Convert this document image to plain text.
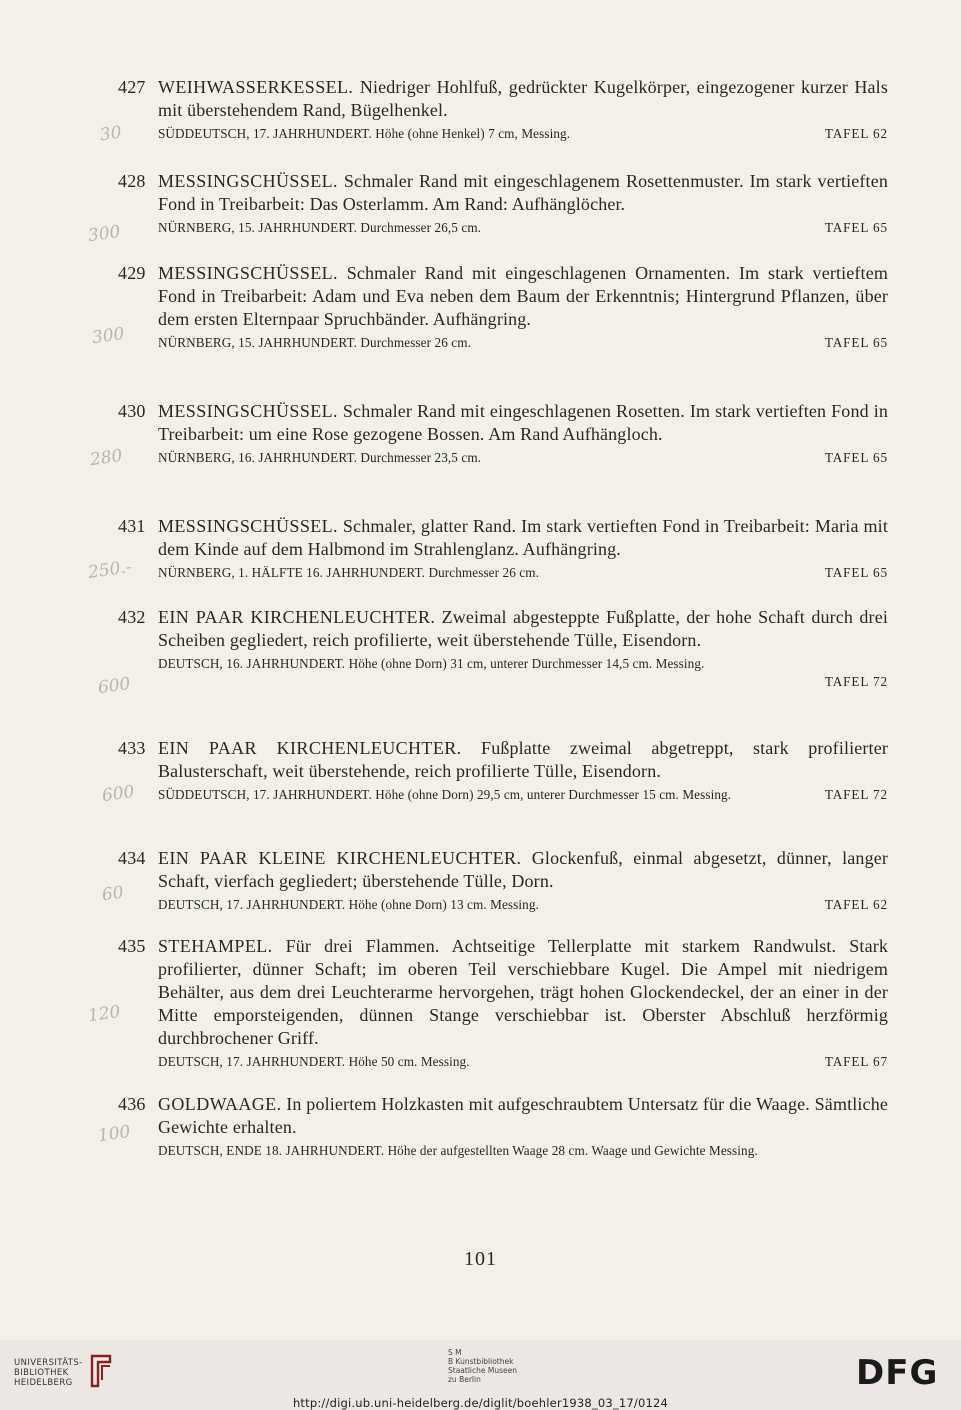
427 WEIHWASSERKESSEL. Niedriger Hohlfuß, gedrückter Kugelkörper, eingezogener kurzer Hals mit überstehendem Rand, Bügelhenkel.

SÜDDEUTSCH, 17. JAHRHUNDERT. Höhe (ohne Henkel) 7 cm, Messing.	TAFEL 62
30
428 MESSINGSCHÜSSEL. Schmaler Rand mit eingeschlagenem Rosettenmuster. Im stark vertieften Fond in Treibarbeit: Das Osterlamm. Am Rand: Aufhänglöcher.

NÜRNBERG, 15. JAHRHUNDERT. Durchmesser 26,5 cm.	TAFEL 65
300
429 MESSINGSCHÜSSEL. Schmaler Rand mit eingeschlagenen Ornamenten. Im stark vertieftem Fond in Treibarbeit: Adam und Eva neben dem Baum der Erkenntnis; Hintergrund Pflanzen, über dem ersten Elternpaar Spruchbänder. Aufhängring.

NÜRNBERG, 15. JAHRHUNDERT. Durchmesser 26 cm.	TAFEL 65
300
430 MESSINGSCHÜSSEL. Schmaler Rand mit eingeschlagenen Rosetten. Im stark vertieften Fond in Treibarbeit: um eine Rose gezogene Bossen. Am Rand Aufhängloch.

NÜRNBERG, 16. JAHRHUNDERT. Durchmesser 23,5 cm.	TAFEL 65
280
431 MESSINGSCHÜSSEL. Schmaler, glatter Rand. Im stark vertieften Fond in Treibarbeit: Maria mit dem Kinde auf dem Halbmond im Strahlenglanz. Aufhängring.

NÜRNBERG, 1. HÄLFTE 16. JAHRHUNDERT. Durchmesser 26 cm.	TAFEL 65
250.-
432 EIN PAAR KIRCHENLEUCHTER. Zweimal abgesteppte Fußplatte, der hohe Schaft durch drei Scheiben gegliedert, reich profilierte, weit überstehende Tülle, Eisendorn.

DEUTSCH, 16. JAHRHUNDERT. Höhe (ohne Dorn) 31 cm, unterer Durchmesser 14,5 cm. Messing.

TAFEL 72
600
433 EIN PAAR KIRCHENLEUCHTER. Fußplatte zweimal abgetreppt, stark profilierter Balusterschaft, weit überstehende, reich profilierte Tülle, Eisendorn.

SÜDDEUTSCH, 17. JAHRHUNDERT. Höhe (ohne Dorn) 29,5 cm, unterer Durchmesser 15 cm. Messing.	TAFEL 72
600
434 EIN PAAR KLEINE KIRCHENLEUCHTER. Glockenfuß, einmal abgesetzt, dünner, langer Schaft, vierfach gegliedert; überstehende Tülle, Dorn.

DEUTSCH, 17. JAHRHUNDERT. Höhe (ohne Dorn) 13 cm. Messing.	TAFEL 62
60
435 STEHAMPEL. Für drei Flammen. Achtseitige Tellerplatte mit starkem Randwulst. Stark profilierter, dünner Schaft; im oberen Teil verschiebbare Kugel. Die Ampel mit niedrigem Behälter, aus dem drei Leuchterarme hervorgehen, trägt hohen Glockendeckel, der an einer in der Mitte emporsteigenden, dünnen Stange verschiebbar ist. Oberster Abschluß herzförmig durchbrochener Griff.

DEUTSCH, 17. JAHRHUNDERT. Höhe 50 cm. Messing.	TAFEL 67
120
436 GOLDWAAGE. In poliertem Holzkasten mit aufgeschraubtem Untersatz für die Waage. Sämtliche Gewichte erhalten.

DEUTSCH, ENDE 18. JAHRHUNDERT. Höhe der aufgestellten Waage 28 cm. Waage und Gewichte Messing.
100
101
UNIVERSITÄTS-
BIBLIOTHEK
HEIDELBERG
S M
B Kunstbibliothek
Staatliche Museen
zu Berlin	DFG
http://digi.ub.uni-heidelberg.de/diglit/boehler1938_03_17/0124
